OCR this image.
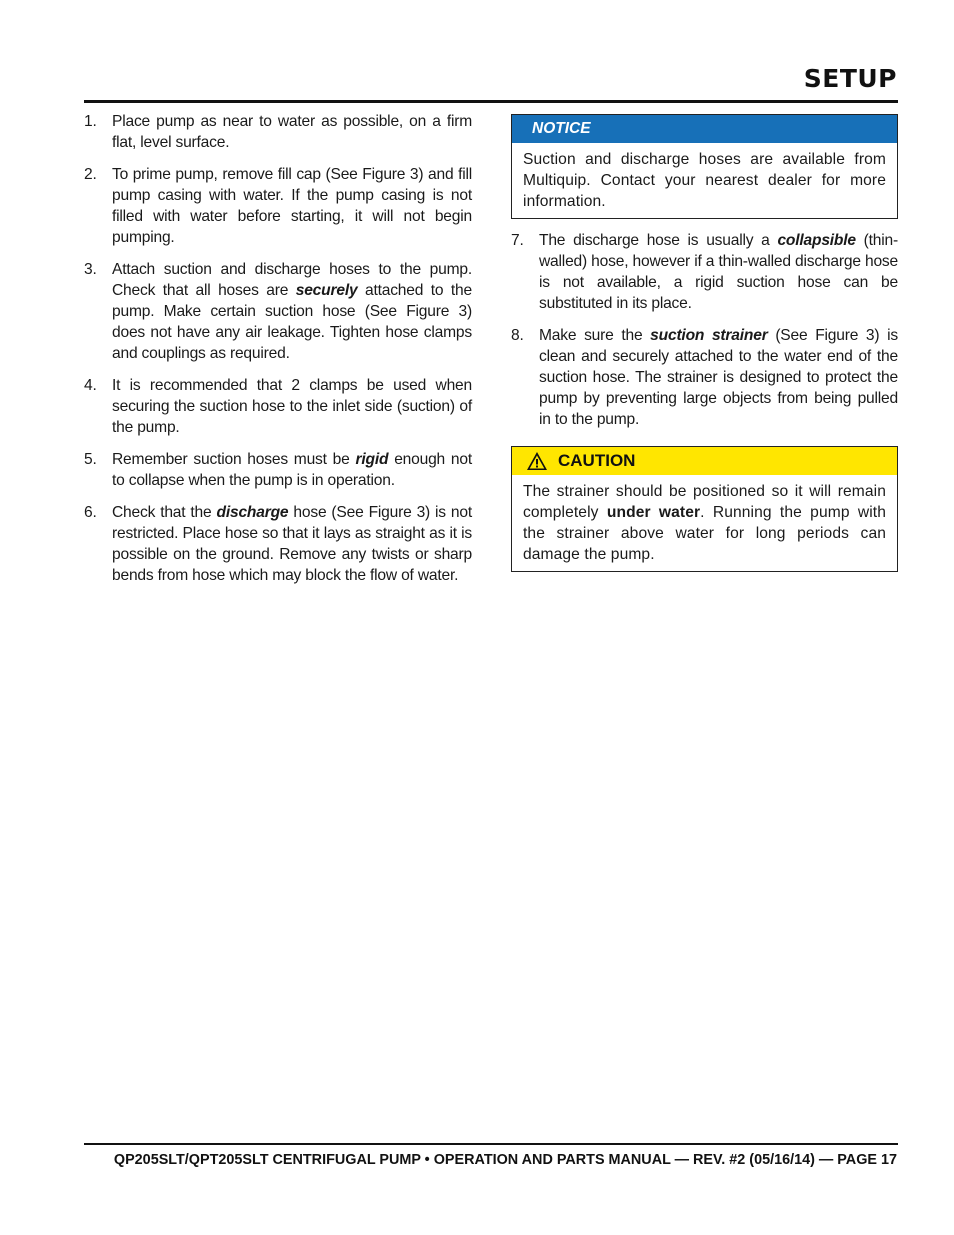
SETUP
1. Place pump as near to water as possible, on a firm flat, level surface.
2. To prime pump, remove fill cap (See Figure 3) and fill pump casing with water. If the pump casing is not filled with water before starting, it will not begin pumping.
3. Attach suction and discharge hoses to the pump. Check that all hoses are securely attached to the pump. Make certain suction hose (See Figure 3) does not have any air leakage. Tighten hose clamps and couplings as required.
4. It is recommended that 2 clamps be used when securing the suction hose to the inlet side (suction) of the pump.
5. Remember suction hoses must be rigid enough not to collapse when the pump is in operation.
6. Check that the discharge hose (See Figure 3) is not restricted. Place hose so that it lays as straight as it is possible on the ground. Remove any twists or sharp bends from hose which may block the flow of water.
NOTICE
Suction and discharge hoses are available from Multiquip. Contact your nearest dealer for more information.
7. The discharge hose is usually a collapsible (thin-walled) hose, however if a thin-walled discharge hose is not available, a rigid suction hose can be substituted in its place.
8. Make sure the suction strainer (See Figure 3) is clean and securely attached to the water end of the suction hose. The strainer is designed to protect the pump by preventing large objects from being pulled in to the pump.
CAUTION
The strainer should be positioned so it will remain completely under water. Running the pump with the strainer above water for long periods can damage the pump.
QP205SLT/QPT205SLT CENTRIFUGAL PUMP • OPERATION AND PARTS MANUAL — REV. #2 (05/16/14) — PAGE 17
